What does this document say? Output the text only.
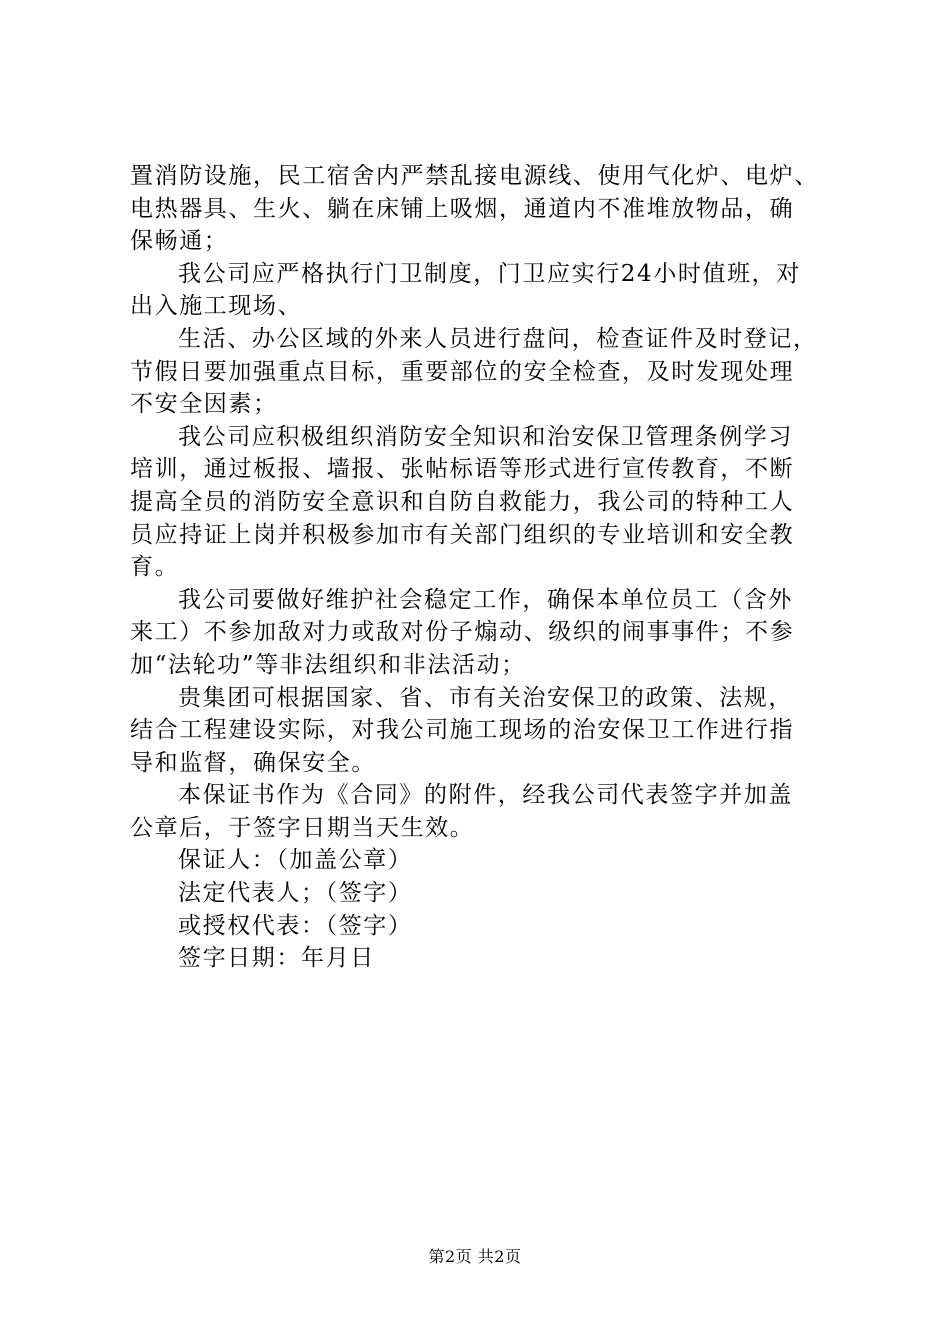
置消防设施，民工宿舍内严禁乱接电源线、使用气化炉、电炉、
电热器具、生火、躺在床铺上吸烟，通道内不准堆放物品，确
保畅通；
我公司应严格执行门卫制度，门卫应实行24小时值班，对
出入施工现场、
生活、办公区域的外来人员进行盘问，检查证件及时登记，
节假日要加强重点目标，重要部位的安全检查，及时发现处理
不安全因素；
我公司应积极组织消防安全知识和治安保卫管理条例学习
培训，通过板报、墙报、张帖标语等形式进行宣传教育，不断
提高全员的消防安全意识和自防自救能力，我公司的特种工人
员应持证上岗并积极参加市有关部门组织的专业培训和安全教
育。
我公司要做好维护社会稳定工作，确保本单位员工（含外
来工）不参加敌对力或敌对份子煽动、级织的闹事事件；不参
加“法轮功”等非法组织和非法活动；
贵集团可根据国家、省、市有关治安保卫的政策、法规，
结合工程建设实际，对我公司施工现场的治安保卫工作进行指
导和监督，确保安全。
本保证书作为《合同》的附件，经我公司代表签字并加盖
公章后，于签字日期当天生效。
保证人：（加盖公章）
法定代表人；（签字）
或授权代表：（签字）
签字日期：年月日
第2页 共2页
